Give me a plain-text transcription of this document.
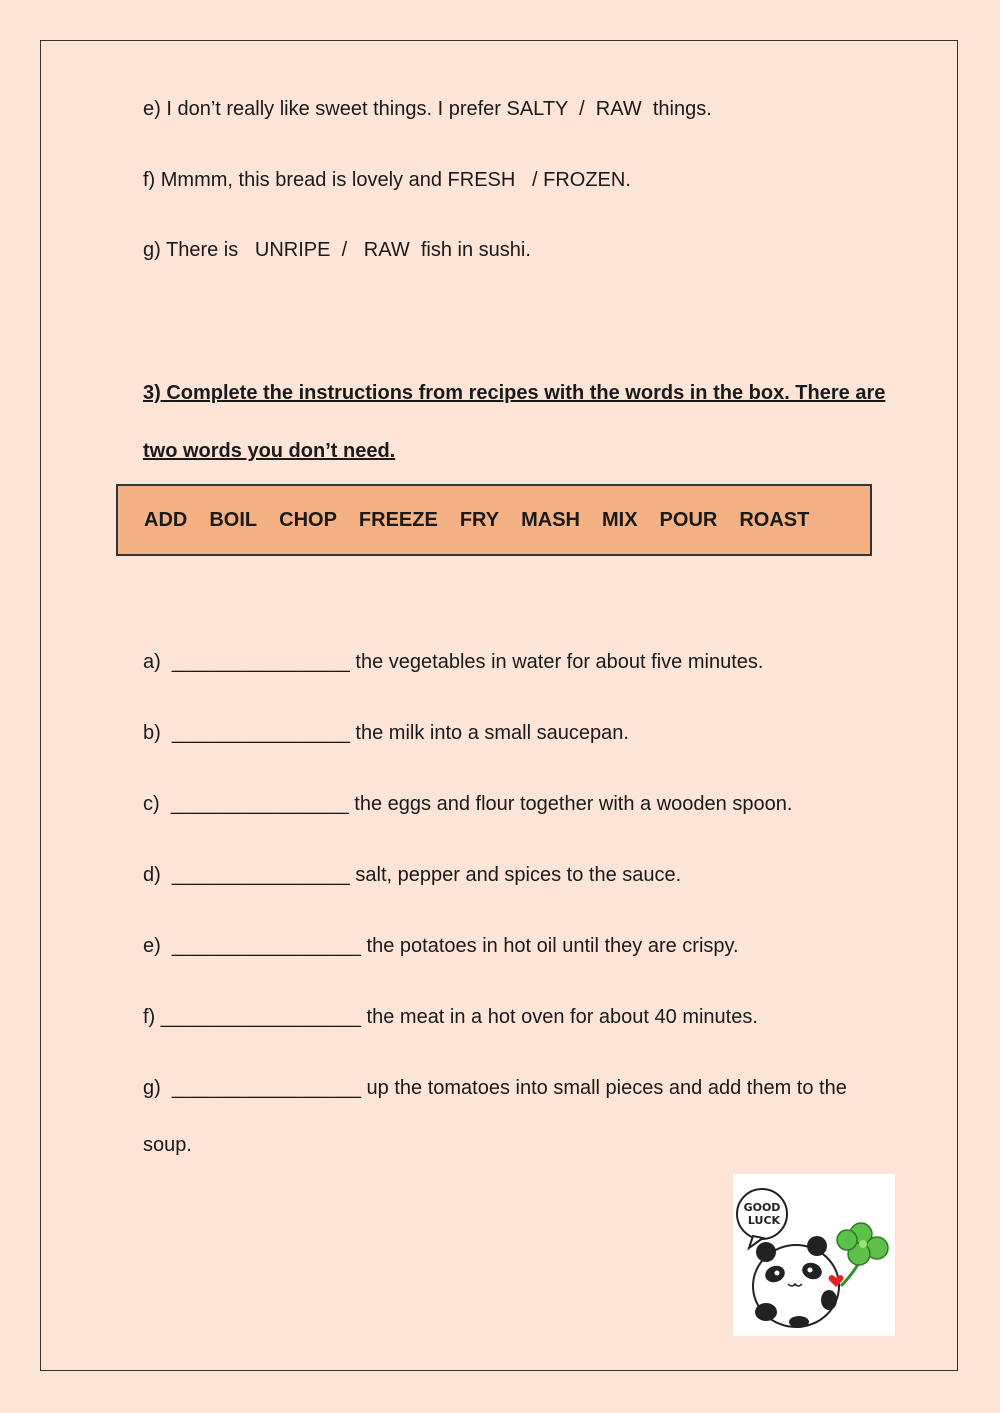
e) I don’t really like sweet things. I prefer SALTY  /  RAW  things.
f) Mmmm, this bread is lovely and FRESH   / FROZEN.
g) There is   UNRIPE  /   RAW  fish in sushi.
3) Complete the instructions from recipes with the words in the box. There are two words you don’t need.
ADD BOIL CHOP FREEZE FRY MASH MIX POUR ROAST
a)  ________________ the vegetables in water for about five minutes.
b)  ________________ the milk into a small saucepan.
c)  ________________ the eggs and flour together with a wooden spoon.
d)  ________________ salt, pepper and spices to the sauce.
e)  _________________ the potatoes in hot oil until they are crispy.
f) __________________ the meat in a hot oven for about 40 minutes.
g)  _________________ up the tomatoes into small pieces and add them to the
soup.
GOOD
LUCK
